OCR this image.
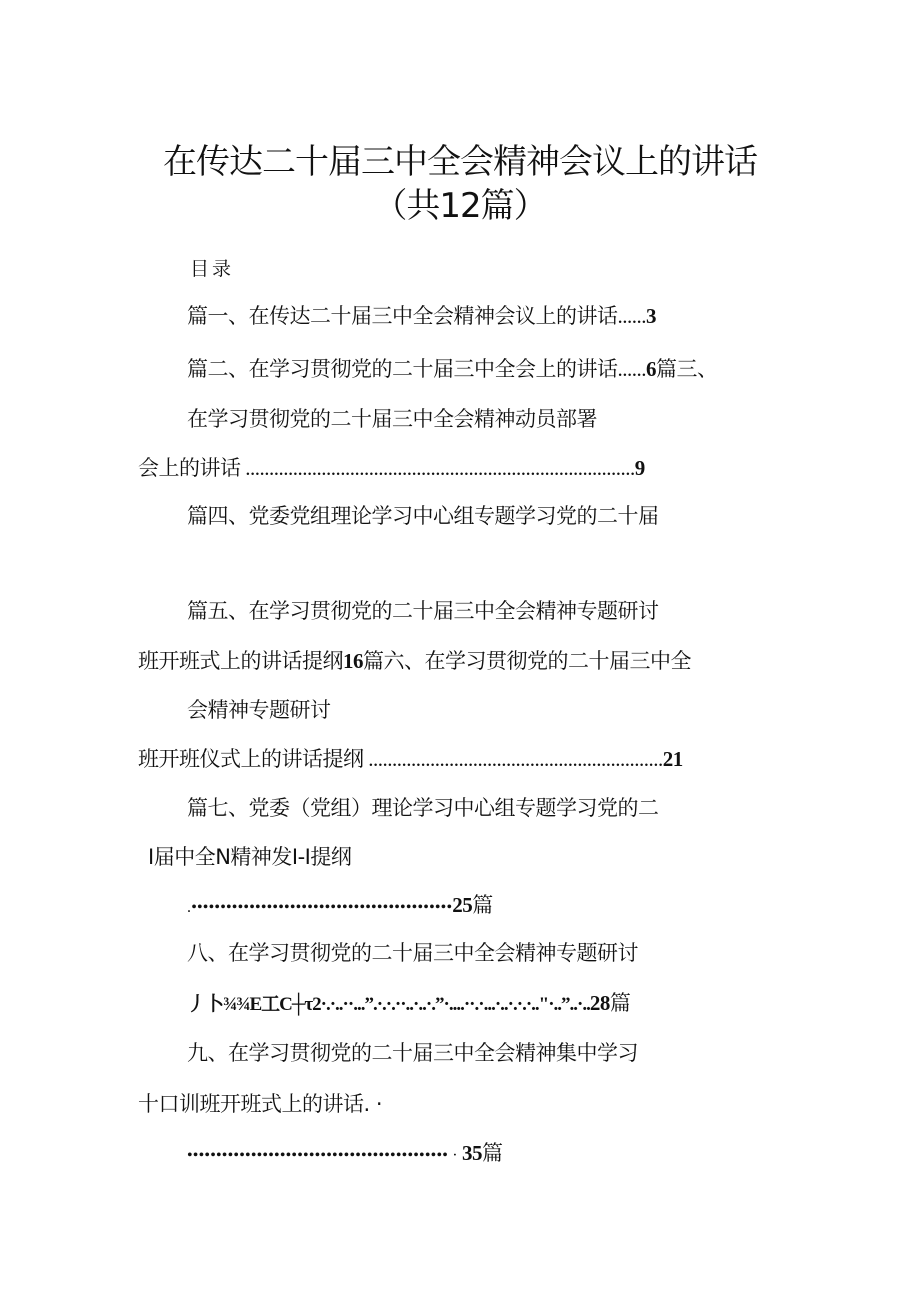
在传达二十届三中全会精神会议上的讲话
（共12篇）
目录
篇一、在传达二十届三中全会精神会议上的讲话......3
篇二、在学习贯彻党的二十届三中全会上的讲话......6篇三、
在学习贯彻党的二十届三中全会精神动员部署
会上的讲话 ..................................................................................9
篇四、党委党组理论学习中心组专题学习党的二十届
篇五、在学习贯彻党的二十届三中全会精神专题研讨
班开班式上的讲话提纲16篇六、在学习贯彻党的二十届三中全
会精神专题研讨
班开班仪式上的讲话提纲 ..............................................................21
篇七、党委（党组）理论学习中心组专题学习党的二
I届中全N精神发I-I提纲
.•••••••••••••••••••••••••••••••••••••••••••••25篇
八、在学习贯彻党的二十届三中全会精神专题研讨
丿卜¾¾E工C┼τ2·.·..··...”.·.·.··..·..·.”·....··.·...·..·.·.·.."·..”..·..28篇
九、在学习贯彻党的二十届三中全会精神集中学习
十口训班开班式上的讲话. ·
••••••••••••••••••••••••••••••••••••••••••••• · 35篇
